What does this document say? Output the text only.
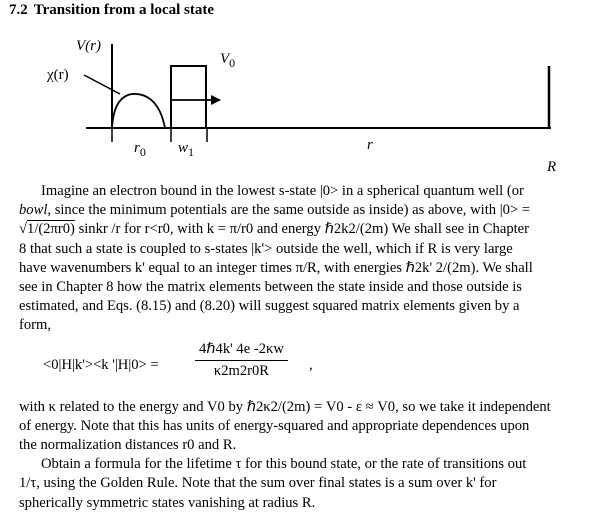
7.2 Transition from a local state
V(r)
χ(r)
$V_0$
$r_0$ $w_1$	r
R

Imagine an electron bound in the lowest s-state |0> in a spherical quantum well (or

bowl, since the minimum potentials are the same outside as inside) as above, with |0> =

√1/(2πr0) sinkr /r for r<r0, with k = π/r0 and energy ℏ2k2/(2m) We shall see in Chapter

8 that such a state is coupled to s-states |k'> outside the well, which if R is very large

have wavenumbers k' equal to an integer times π/R, with energies ℏ2k' 2/(2m). We shall

see in Chapter 8 how the matrix elements between the state inside and those outside is

estimated, and Eqs. (8.15) and (8.20) will suggest squared matrix elements given by a

form,

<0|H|k'><k '|H|0> =
4ℏ4k' 4e -2κw
κ2m2r0R	,

with κ related to the energy and V0 by ℏ2κ2/(2m) = V0 - ε ≈ V0, so we take it independent

of energy. Note that this has units of energy-squared and appropriate dependences upon

the normalization distances r0 and R.

Obtain a formula for the lifetime τ for this bound state, or the rate of transitions out

1/τ, using the Golden Rule. Note that the sum over final states is a sum over k' for

spherically symmetric states vanishing at radius R.
